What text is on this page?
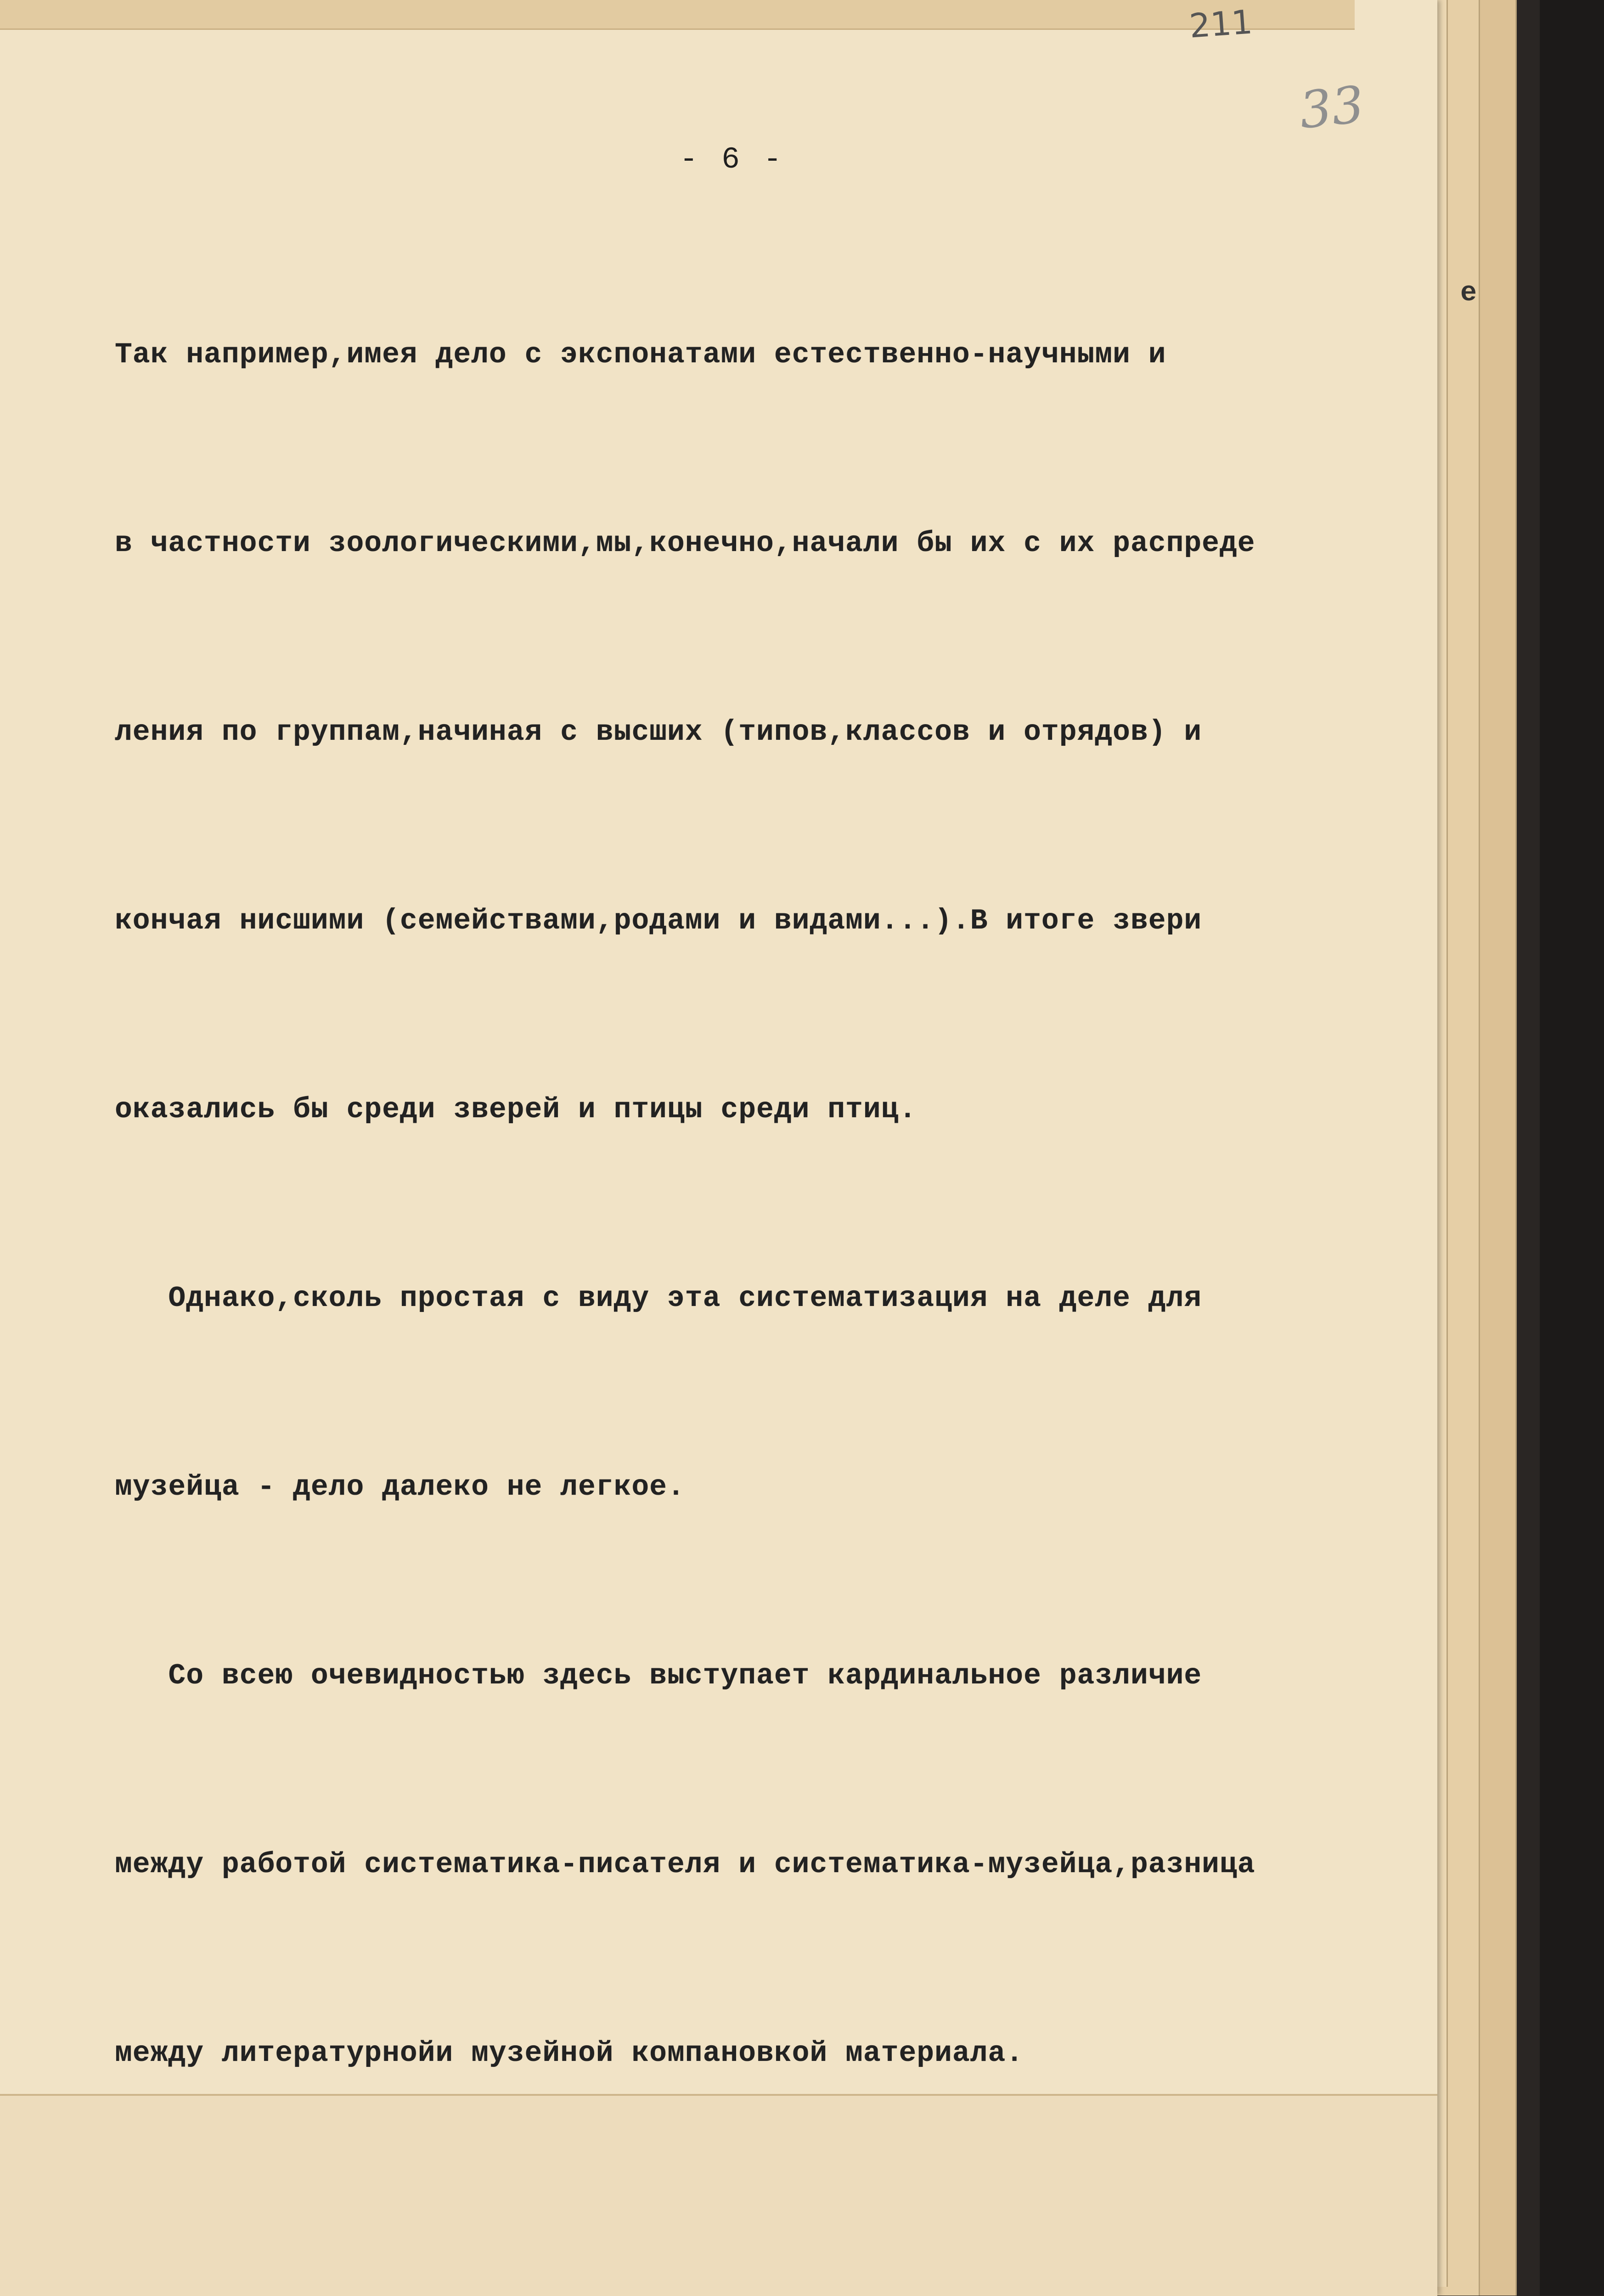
211
33
- 6 -

Так например,имея дело с экспонатами естественно-научными и

в частности зоологическими,мы,конечно,начали бы их с их распреде

ления по группам,начиная с высших (типов,классов и отрядов) и

кончая нисшими (семействами,родами и видами...).В итоге звери

оказались бы среди зверей и птицы среди птиц.

Однако,сколь простая с виду эта систематизация на деле для

музейца - дело далеко не легкое.

Со всею очевидностью здесь выступает кардинальное различие

между работой систематика-писателя и систематика-музейца,разница

между литературнойи музейной компановкой материала.

е
